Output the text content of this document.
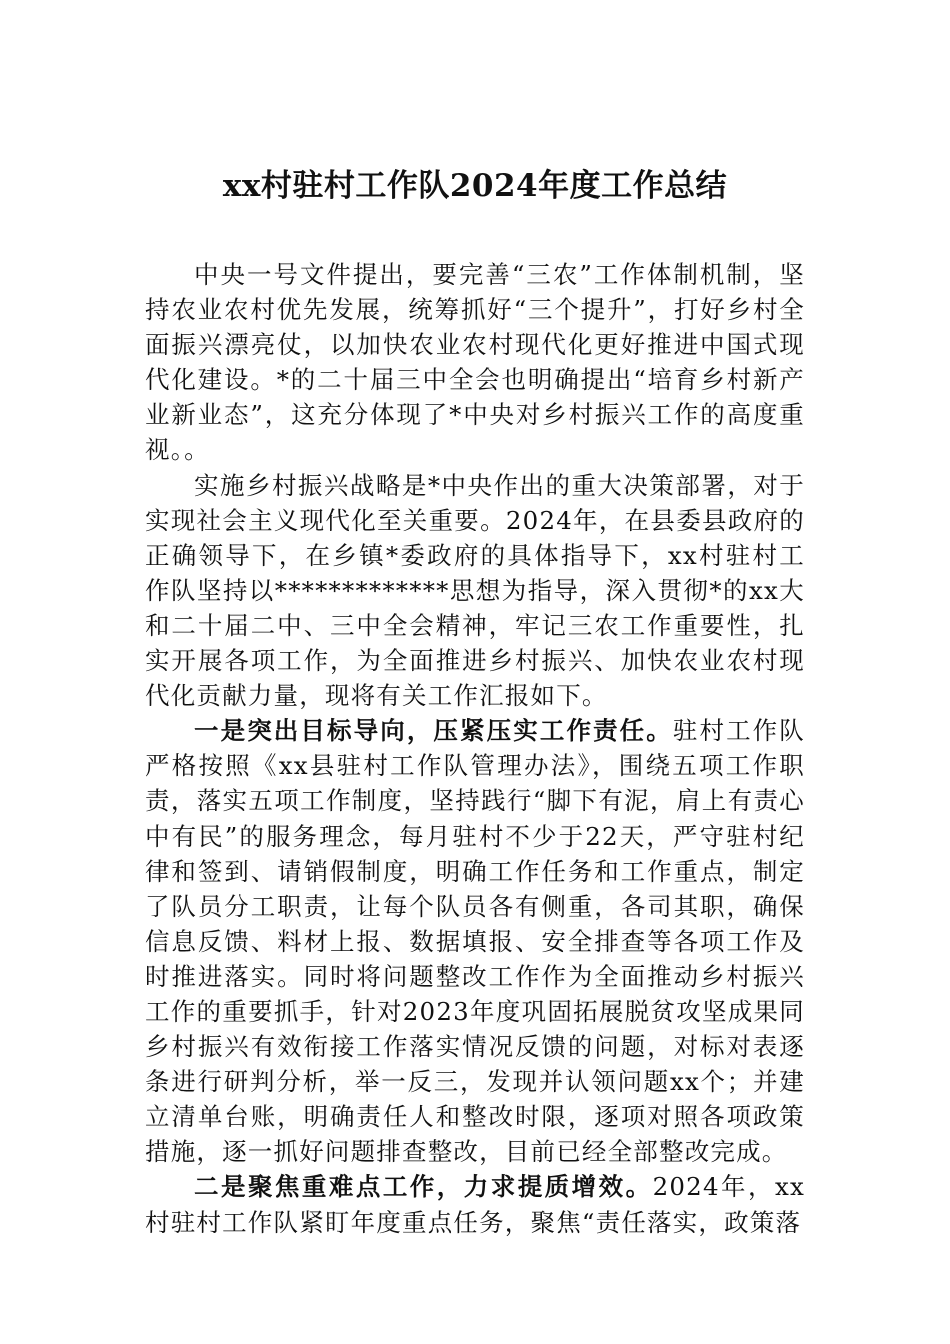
xx村驻村工作队2024年度工作总结

中央一号文件提出，要完善“三农”工作体制机制，坚持农业农村优先发展，统筹抓好“三个提升”，打好乡村全面振兴漂亮仗，以加快农业农村现代化更好推进中国式现代化建设。*的二十届三中全会也明确提出“培育乡村新产业新业态”，这充分体现了*中央对乡村振兴工作的高度重视。。

实施乡村振兴战略是*中央作出的重大决策部署，对于实现社会主义现代化至关重要。2024年，在县委县政府的正确领导下，在乡镇*委政府的具体指导下，xx村驻村工作队坚持以*************思想为指导，深入贯彻*的xx大和二十届二中、三中全会精神，牢记三农工作重要性，扎实开展各项工作，为全面推进乡村振兴、加快农业农村现代化贡献力量，现将有关工作汇报如下。

一是突出目标导向，压紧压实工作责任。驻村工作队严格按照《xx县驻村工作队管理办法》，围绕五项工作职责，落实五项工作制度，坚持践行“脚下有泥，肩上有责心中有民”的服务理念，每月驻村不少于22天，严守驻村纪律和签到、请销假制度，明确工作任务和工作重点，制定了队员分工职责，让每个队员各有侧重，各司其职，确保信息反馈、料材上报、数据填报、安全排查等各项工作及时推进落实。同时将问题整改工作作为全面推动乡村振兴工作的重要抓手，针对2023年度巩固拓展脱贫攻坚成果同乡村振兴有效衔接工作落实情况反馈的问题，对标对表逐条进行研判分析，举一反三，发现并认领问题xx个；并建立清单台账，明确责任人和整改时限，逐项对照各项政策措施，逐一抓好问题排查整改，目前已经全部整改完成。

二是聚焦重难点工作，力求提质增效。2024年，xx村驻村工作队紧盯年度重点任务，聚焦“责任落实，政策落
